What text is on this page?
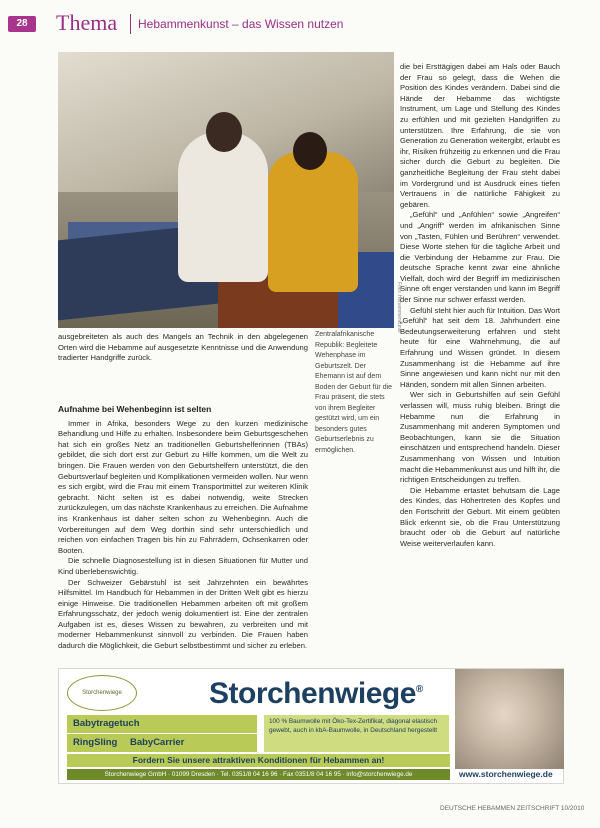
28	Thema Hebammenkunst – das Wissen nutzen
Foto: Hebammenkunst
Zentralafrikanische Republik: Begleitete Wehenphase im Geburtszelt. Der Ehemann ist auf dem Boden der Geburt für die Frau präsent, die stets von ihrem Begleiter gestützt wird, um ein besonders gutes Geburtserlebnis zu ermöglichen.

ausgebreiteten als auch des Mangels an Technik in den abgelegenen Orten wird die Hebamme auf ausgesetzte Kenntnisse und die Anwendung tradierter Handgriffe zurück.

Aufnahme bei Wehenbeginn ist selten

Immer in Afrika, besonders Wege zu den kurzen medizinische Behandlung und Hilfe zu erhalten. Insbesondere beim Geburtsgeschehen hat sich ein großes Netz an traditionellen Geburtshelferinnen (TBAs) gebildet, die sich dort erst zur Geburt zu Hilfe kommen, um die Welt zu bringen. Die Frauen werden von den Geburtshelfern unterstützt, die den Geburtsverlauf begleiten und Komplikationen vermeiden wollen. Nur wenn es sich ergibt, wird die Frau mit einem Transportmittel zur weiteren Klinik gebracht. Nicht selten ist es dabei notwendig, weite Strecken zurückzulegen, um das nächste Krankenhaus zu erreichen. Die Aufnahme ins Krankenhaus ist daher selten schon zu Wehenbeginn. Auch die Vorbereitungen auf dem Weg dorthin sind sehr unterschiedlich und reichen von einfachen Tragen bis hin zu Fahrrädern, Ochsenkarren oder Booten.

Die schnelle Diagnosestellung ist in diesen Situationen für Mutter und Kind überlebenswichtig.

Der Schweizer Gebärstuhl ist seit Jahrzehnten ein bewährtes Hilfsmittel. Im Handbuch für Hebammen in der Dritten Welt gibt es hierzu einige Hinweise. Die traditionellen Hebammen arbeiten oft mit großem Erfahrungsschatz, der jedoch wenig dokumentiert ist. Eine der zentralen Aufgaben ist es, dieses Wissen zu bewahren, zu verbreiten und mit moderner Hebammenkunst sinnvoll zu verbinden. Die Frauen haben dadurch die Möglichkeit, die Geburt selbstbestimmt und sicher zu erleben.

die bei Ersttägigen dabei am Hals oder Bauch der Frau so gelegt, dass die Wehen die Position des Kindes verändern. Dabei sind die Hände der Hebamme das wichtigste Instrument, um Lage und Stellung des Kindes zu erfühlen und mit gezielten Handgriffen zu unterstützen. Ihre Erfahrung, die sie von Generation zu Generation weitergibt, erlaubt es ihr, Risiken frühzeitig zu erkennen und die Frau sicher durch die Geburt zu begleiten. Die ganzheitliche Begleitung der Frau steht dabei im Vordergrund und ist Ausdruck eines tiefen Vertrauens in die natürliche Fähigkeit zu gebären.

„Gefühl“ und „Anfühlen“ sowie „Angreifen“ und „Angriff“ werden im afrikanischen Sinne von „Tasten, Fühlen und Berühren“ verwendet. Diese Worte stehen für die tägliche Arbeit und die Verbindung der Hebamme zur Frau. Die deutsche Sprache kennt zwar eine ähnliche Vielfalt, doch wird der Begriff im medizinischen Sinne oft enger verstanden und kann im Begriff der Sinne nur schwer erfasst werden.

Gefühl steht hier auch für Intuition. Das Wort „Gefühl“ hat seit dem 18. Jahrhundert eine Bedeutungserweiterung erfahren und steht heute für eine Wahrnehmung, die auf Erfahrung und Wissen gründet. In diesem Zusammenhang ist die Hebamme auf ihre Sinne angewiesen und kann nicht nur mit den Händen, sondern mit allen Sinnen arbeiten.

Wer sich in Geburtshilfen auf sein Gefühl verlassen will, muss ruhig bleiben. Bringt die Hebamme nun die Erfahrung in Zusammenhang mit anderen Symptomen und Beobachtungen, kann sie die Situation einschätzen und entsprechend handeln. Dieser Zusammenhang von Wissen und Intuition macht die Hebammenkunst aus und hilft ihr, die richtigen Entscheidungen zu treffen.

Die Hebamme ertastet behutsam die Lage des Kindes, das Höhertreten des Kopfes und den Fortschritt der Geburt. Mit einem geübten Blick erkennt sie, ob die Frau Unterstützung braucht oder ob die Geburt auf natürliche Weise weiterverlaufen kann.

Storchenwiege	Storchenwiege®
Babytragetuch
RingSling BabyCarrier
100 % Baumwolle mit Öko-Tex-Zertifikat, diagonal elastisch gewebt, auch in kbA-Baumwolle, in Deutschland hergestellt
Fordern Sie unsere attraktiven Konditionen für Hebammen an!
Storchenwiege GmbH · 01099 Dresden · Tel. 0351/8 04 16 96 · Fax 0351/8 04 16 95 · info@storchenwiege.de	www.storchenwiege.de
DEUTSCHE HEBAMMEN ZEITSCHRIFT 10/2010
